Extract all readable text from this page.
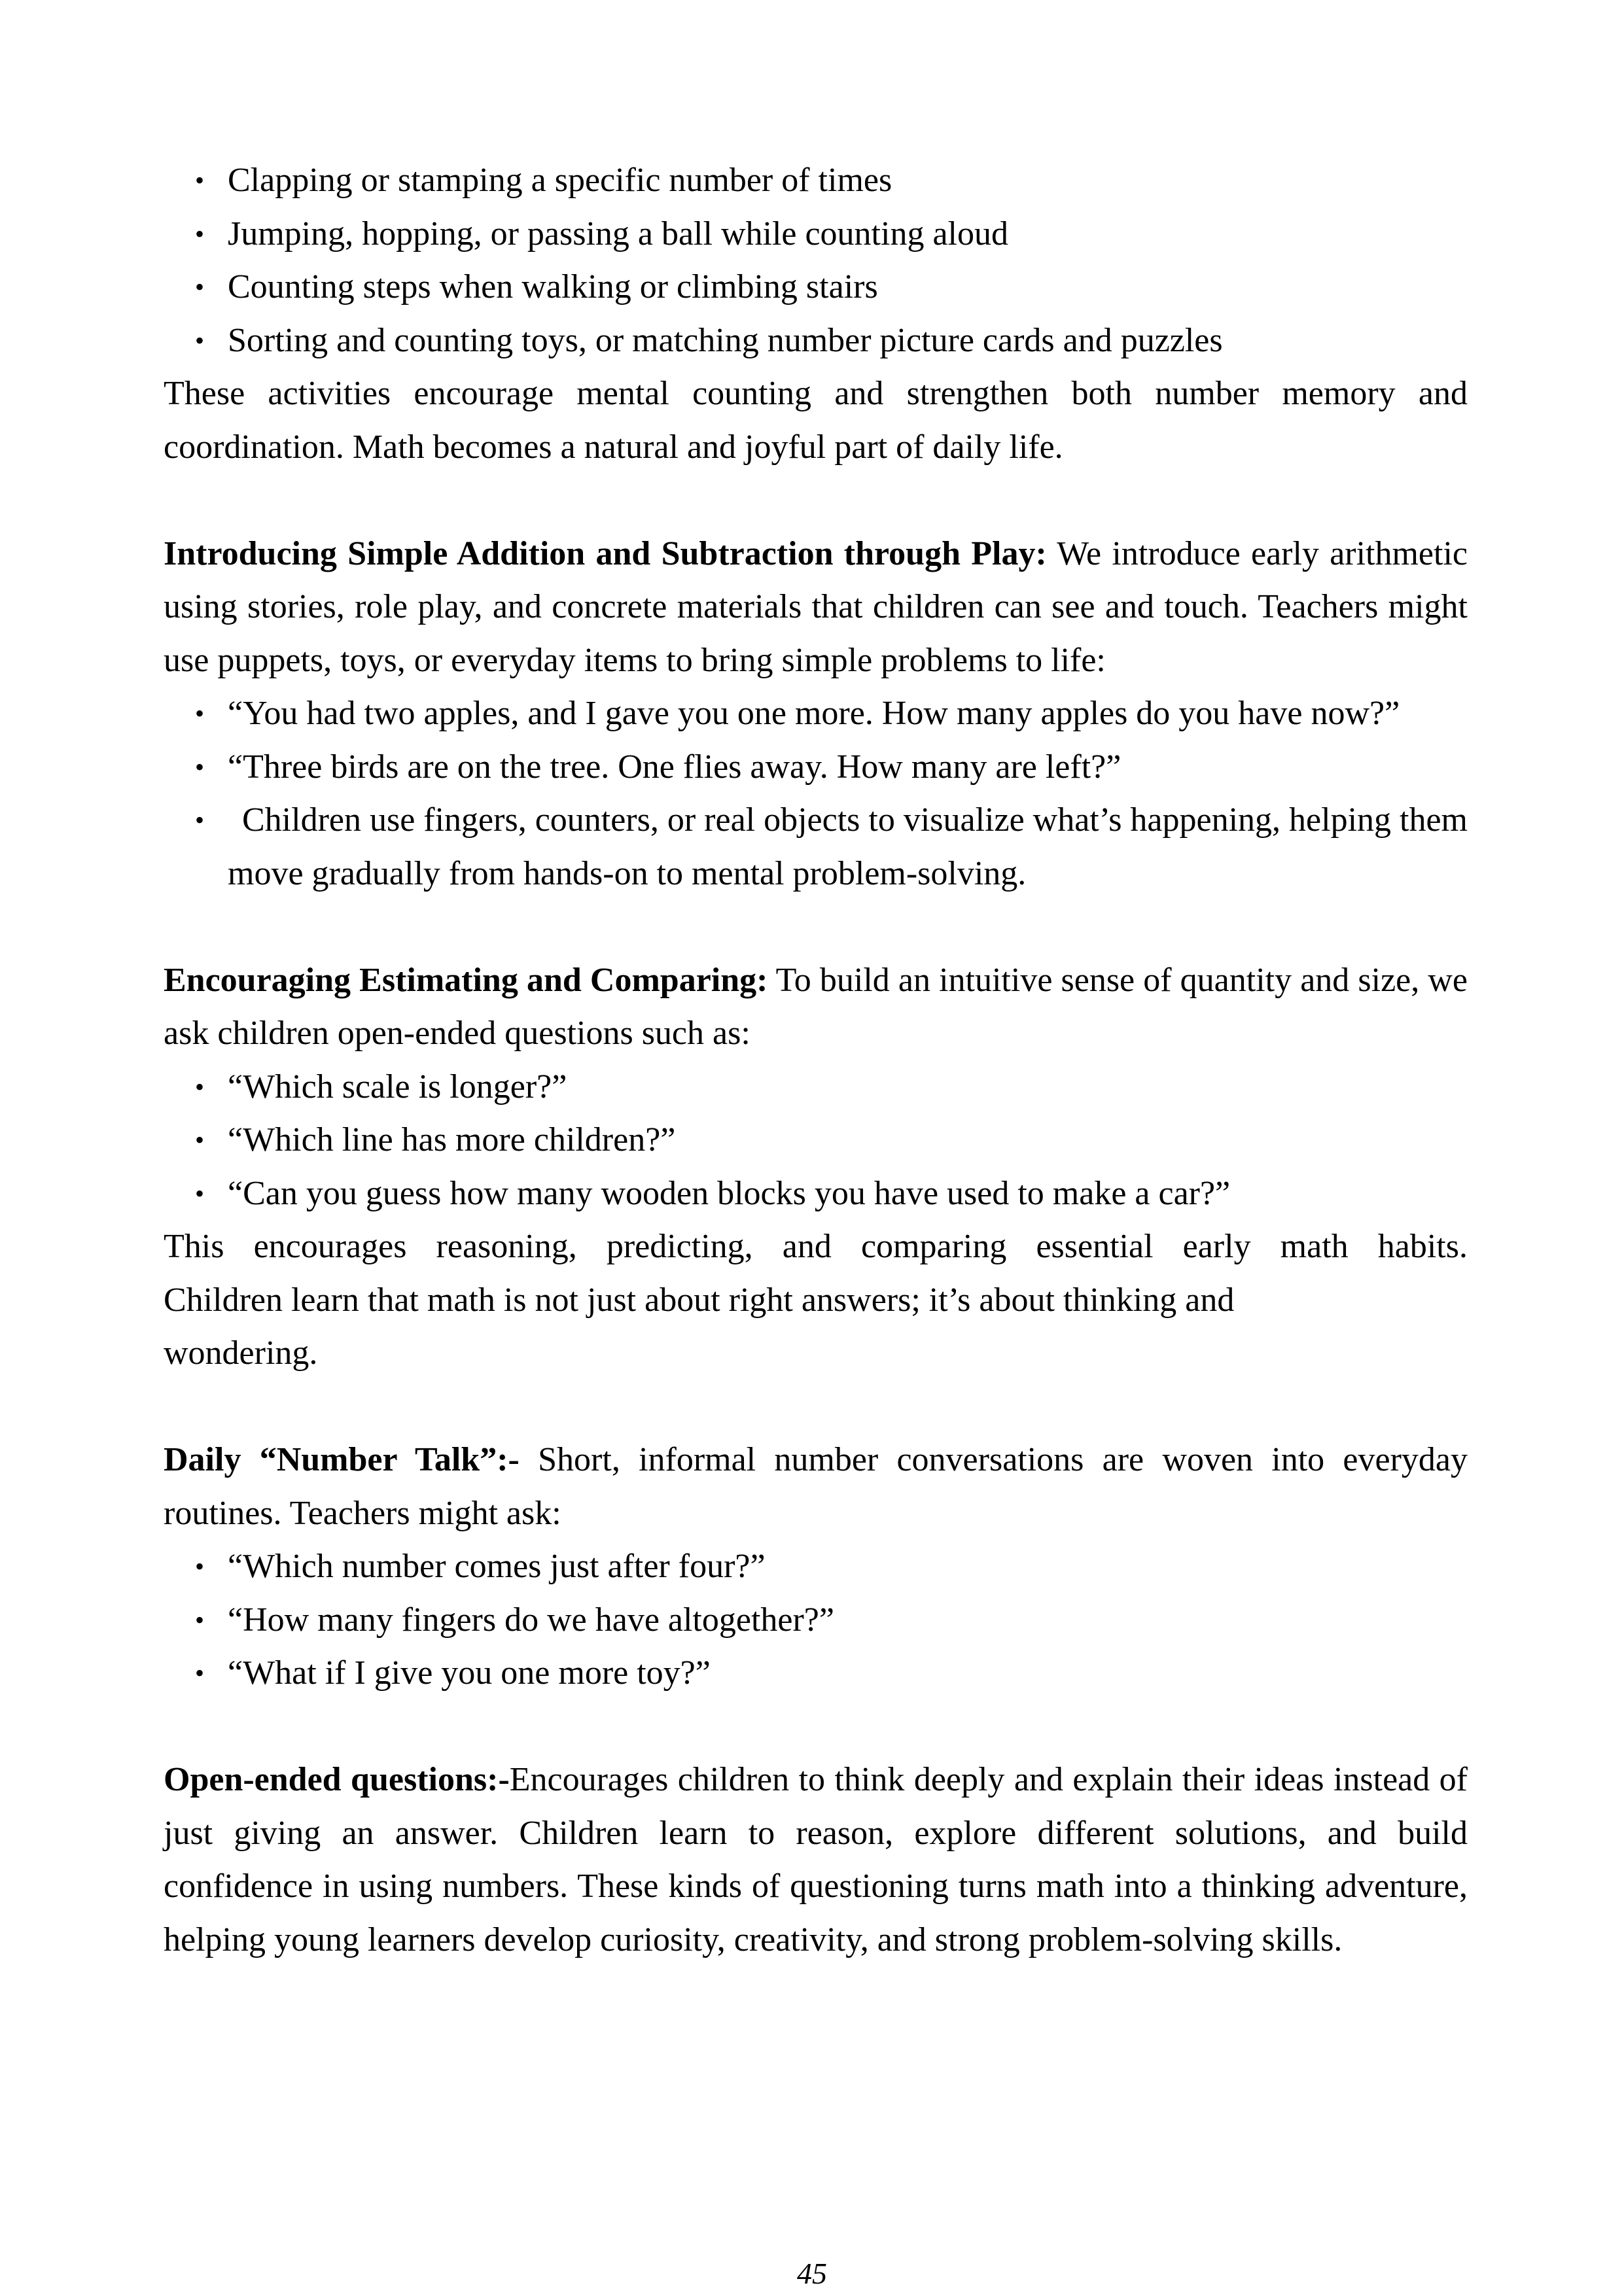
• Clapping or stamping a specific number of times
• Jumping, hopping, or passing a ball while counting aloud
• Counting steps when walking or climbing stairs
• Sorting and counting toys, or matching number picture cards and puzzles

These activities encourage mental counting and strengthen both number memory and coordination. Math becomes a natural and joyful part of daily life.

Introducing Simple Addition and Subtraction through Play: We introduce early arithmetic using stories, role play, and concrete materials that children can see and touch. Teachers might use puppets, toys, or everyday items to bring simple problems to life:

• “You had two apples, and I gave you one more. How many apples do you have now?”
• “Three birds are on the tree. One flies away. How many are left?”
• Children use fingers, counters, or real objects to visualize what’s happening, helping them move gradually from hands-on to mental problem-solving.

Encouraging Estimating and Comparing: To build an intuitive sense of quantity and size, we ask children open-ended questions such as:

• “Which scale is longer?”
• “Which line has more children?”
• “Can you guess how many wooden blocks you have used to make a car?”

This encourages reasoning, predicting, and comparing essential early math habits.

Children learn that math is not just about right answers; it’s about thinking and wondering.

Daily “Number Talk”:- Short, informal number conversations are woven into everyday routines. Teachers might ask:

• “Which number comes just after four?”
• “How many fingers do we have altogether?”
• “What if I give you one more toy?”

Open-ended questions:-Encourages children to think deeply and explain their ideas instead of just giving an answer. Children learn to reason, explore different solutions, and build confidence in using numbers. These kinds of questioning turns math into a thinking adventure, helping young learners develop curiosity, creativity, and strong problem-solving skills.

45
